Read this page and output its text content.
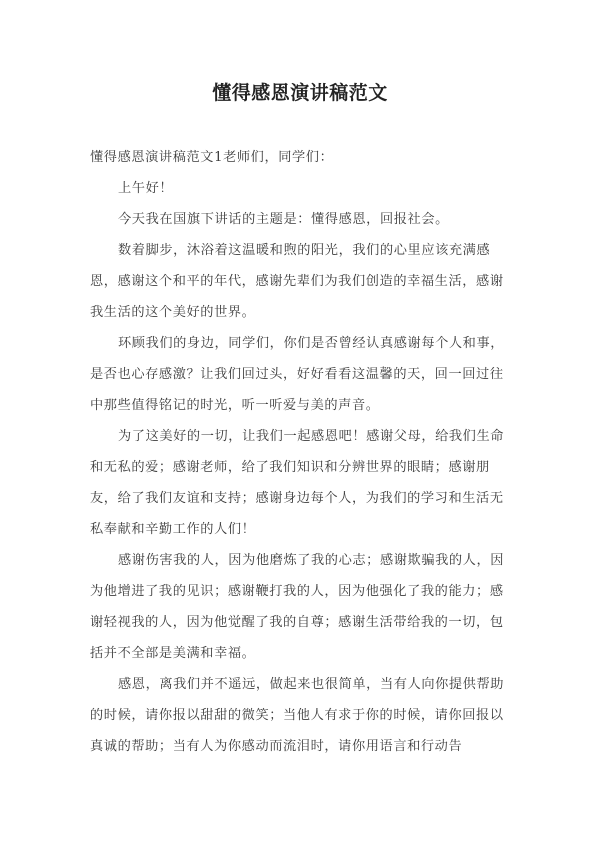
懂得感恩演讲稿范文

懂得感恩演讲稿范文1老师们，同学们：

上午好！

今天我在国旗下讲话的主题是：懂得感恩，回报社会。

数着脚步，沐浴着这温暖和煦的阳光，我们的心里应该充满感恩，感谢这个和平的年代，感谢先辈们为我们创造的幸福生活，感谢我生活的这个美好的世界。

环顾我们的身边，同学们，你们是否曾经认真感谢每个人和事，是否也心存感激？让我们回过头，好好看看这温馨的天，回一回过往中那些值得铭记的时光，听一听爱与美的声音。

为了这美好的一切，让我们一起感恩吧！感谢父母，给我们生命和无私的爱；感谢老师，给了我们知识和分辨世界的眼睛；感谢朋友，给了我们友谊和支持；感谢身边每个人，为我们的学习和生活无私奉献和辛勤工作的人们！

感谢伤害我的人，因为他磨炼了我的心志；感谢欺骗我的人，因为他增进了我的见识；感谢鞭打我的人，因为他强化了我的能力；感谢轻视我的人，因为他觉醒了我的自尊；感谢生活带给我的一切，包括并不全部是美满和幸福。

感恩，离我们并不遥远，做起来也很简单，当有人向你提供帮助的时候，请你报以甜甜的微笑；当他人有求于你的时候，请你回报以真诚的帮助；当有人为你感动而流泪时，请你用语言和行动告
